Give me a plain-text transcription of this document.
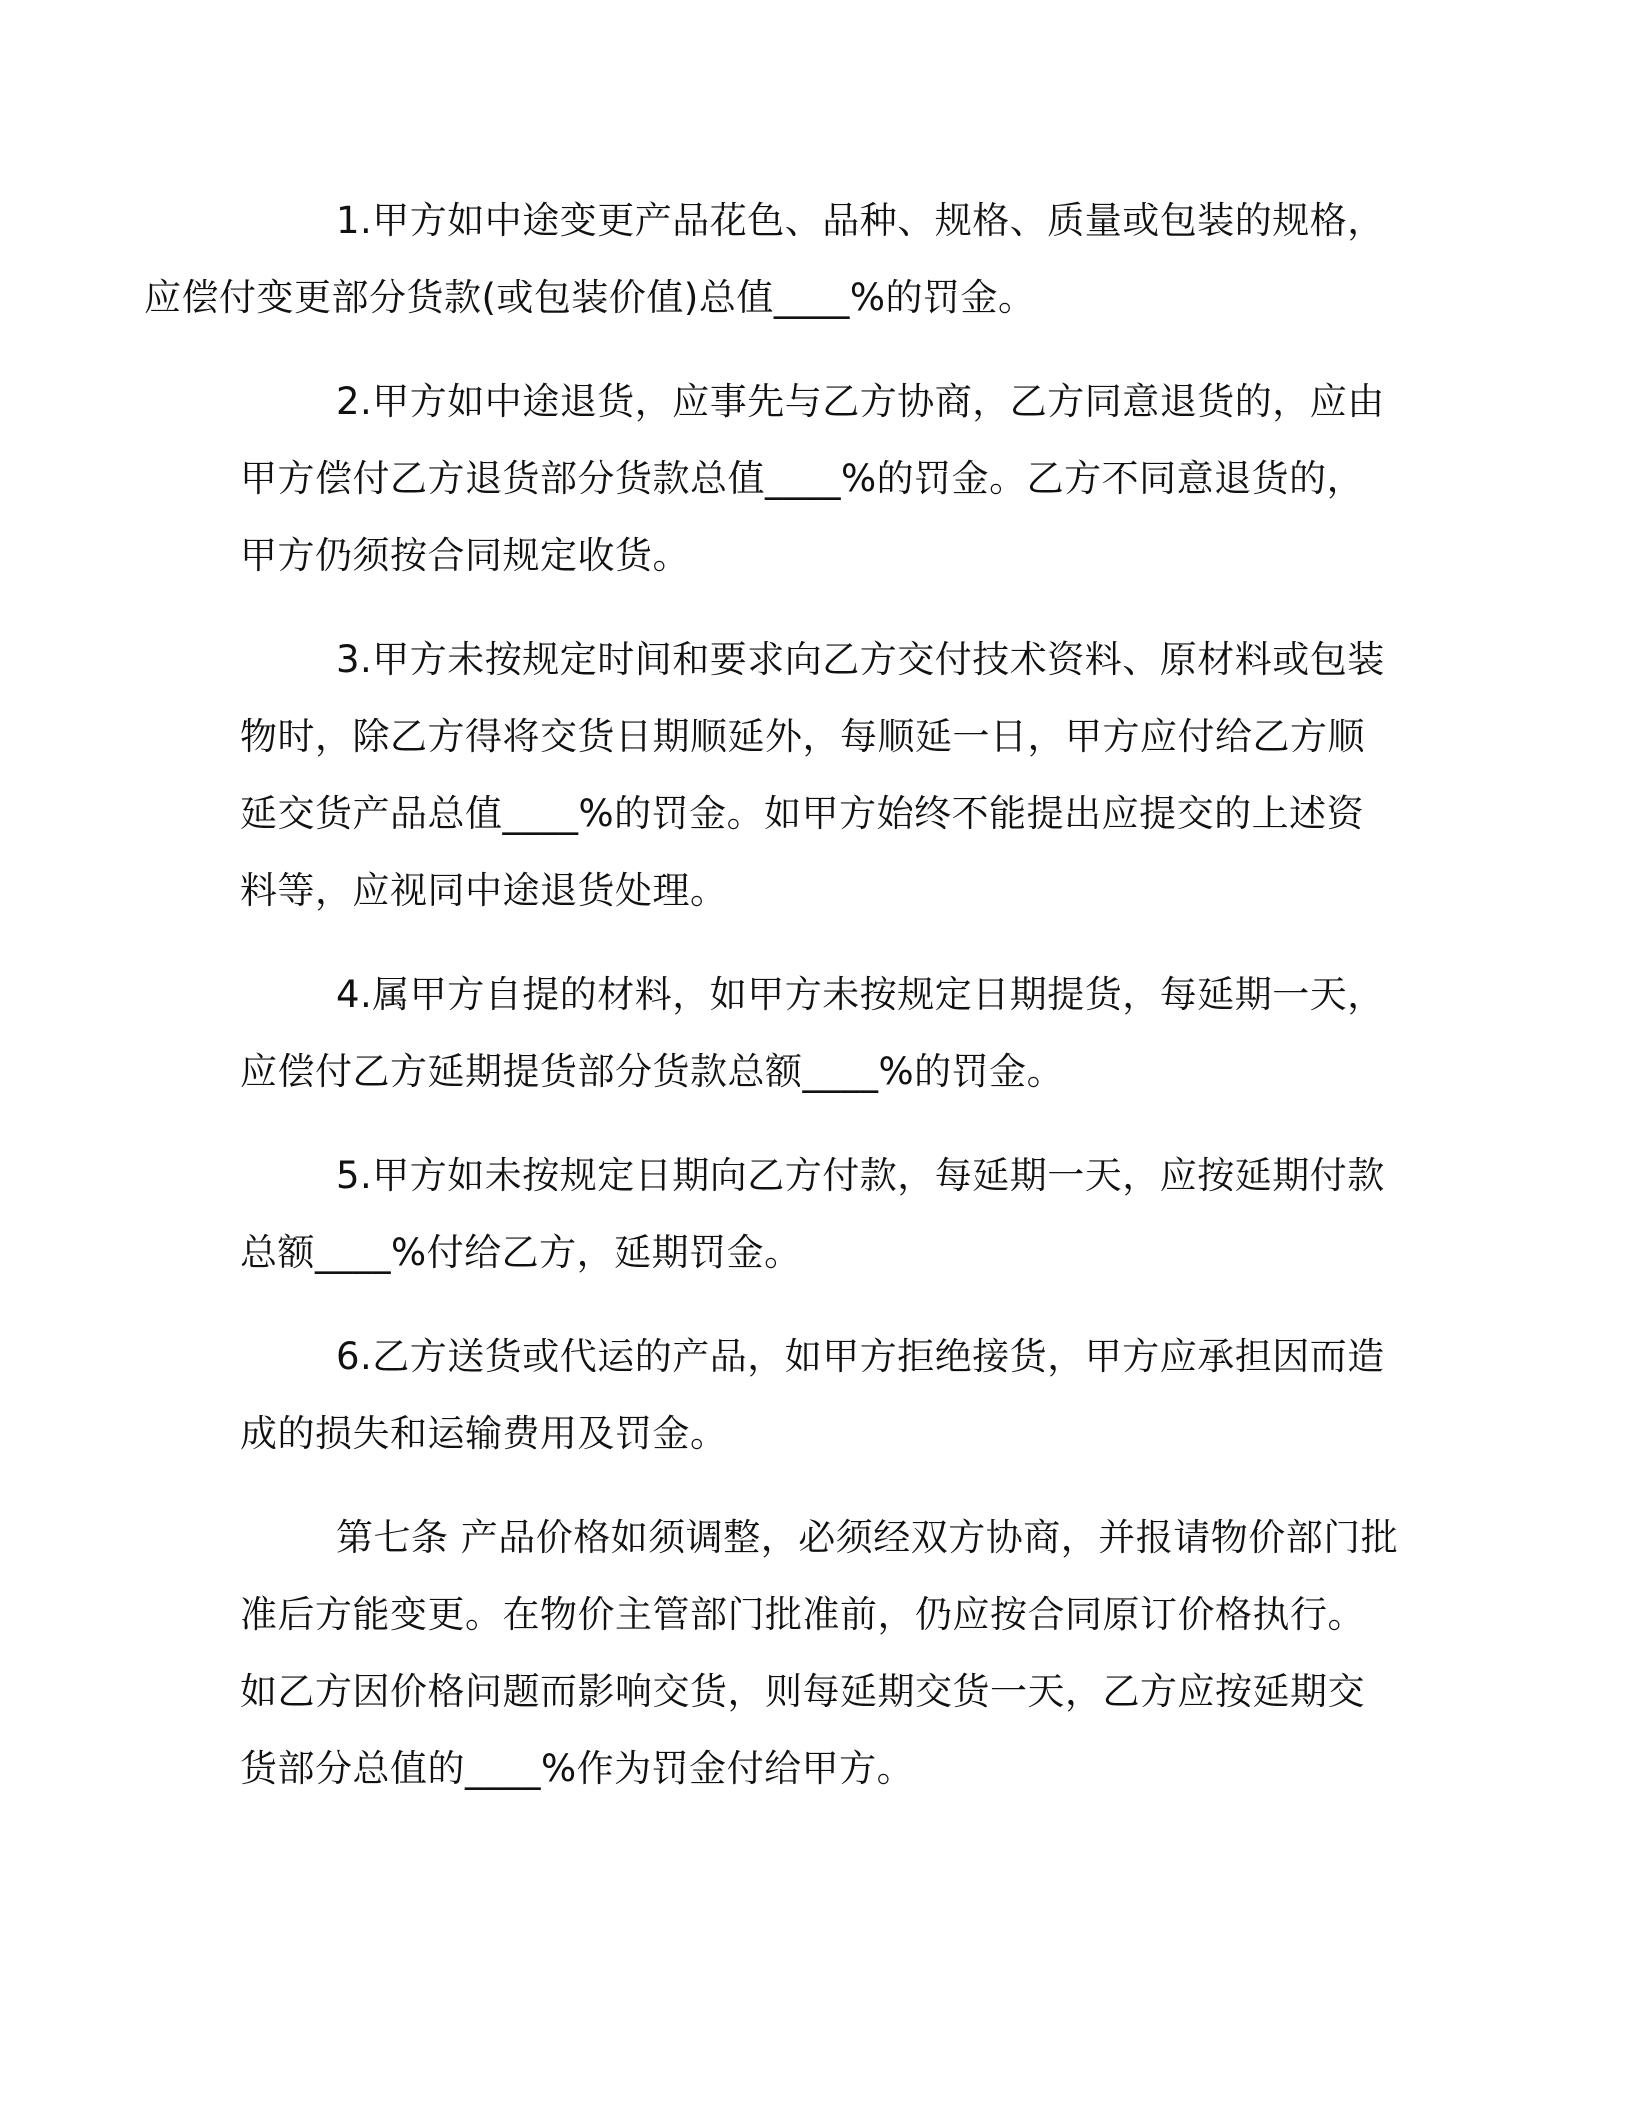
1.甲方如中途变更产品花色、品种、规格、质量或包装的规格，
应偿付变更部分货款(或包装价值)总值____%的罚金。

2.甲方如中途退货，应事先与乙方协商，乙方同意退货的，应由
甲方偿付乙方退货部分货款总值____%的罚金。乙方不同意退货的，
甲方仍须按合同规定收货。

3.甲方未按规定时间和要求向乙方交付技术资料、原材料或包装
物时，除乙方得将交货日期顺延外，每顺延一日，甲方应付给乙方顺
延交货产品总值____%的罚金。如甲方始终不能提出应提交的上述资
料等，应视同中途退货处理。

4.属甲方自提的材料，如甲方未按规定日期提货，每延期一天，
应偿付乙方延期提货部分货款总额____%的罚金。

5.甲方如未按规定日期向乙方付款，每延期一天，应按延期付款
总额____%付给乙方，延期罚金。

6.乙方送货或代运的产品，如甲方拒绝接货，甲方应承担因而造
成的损失和运输费用及罚金。

第七条 产品价格如须调整，必须经双方协商，并报请物价部门批
准后方能变更。在物价主管部门批准前，仍应按合同原订价格执行。
如乙方因价格问题而影响交货，则每延期交货一天，乙方应按延期交
货部分总值的____%作为罚金付给甲方。
